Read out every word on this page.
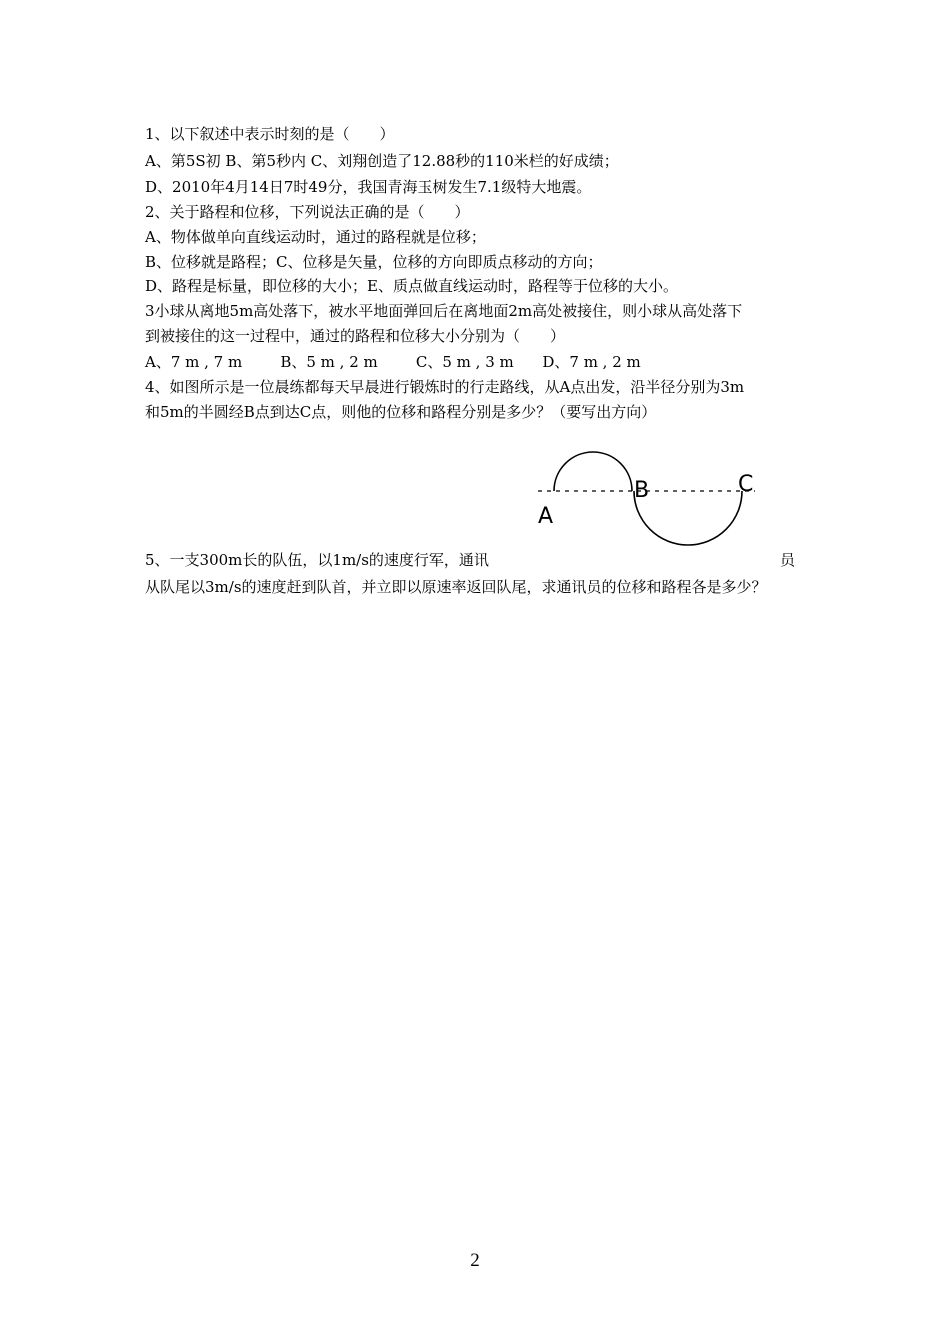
1、以下叙述中表示时刻的是（　　）
A、第5S初 B、第5秒内 C、刘翔创造了12.88秒的110米栏的好成绩；
D、2010年4月14日7时49分，我国青海玉树发生7.1级特大地震。
2、关于路程和位移，下列说法正确的是（　　）
A、物体做单向直线运动时，通过的路程就是位移；
B、位移就是路程；C、位移是矢量，位移的方向即质点移动的方向；
D、路程是标量，即位移的大小；E、质点做直线运动时，路程等于位移的大小。
3小球从离地5m高处落下，被水平地面弹回后在离地面2m高处被接住，则小球从高处落下
到被接住的这一过程中，通过的路程和位移大小分别为（　　）
A、7 m , 7 m        B、5 m , 2 m        C、5 m , 3 m      D、7 m , 2 m
4、如图所示是一位晨练都每天早晨进行锻炼时的行走路线，从A点出发，沿半径分别为3m
和5m的半圆经B点到达C点，则他的位移和路程分别是多少？（要写出方向）
A
B	C
5、一支300m长的队伍，以1m/s的速度行军，通讯	员
从队尾以3m/s的速度赶到队首，并立即以原速率返回队尾，求通讯员的位移和路程各是多少？
2
